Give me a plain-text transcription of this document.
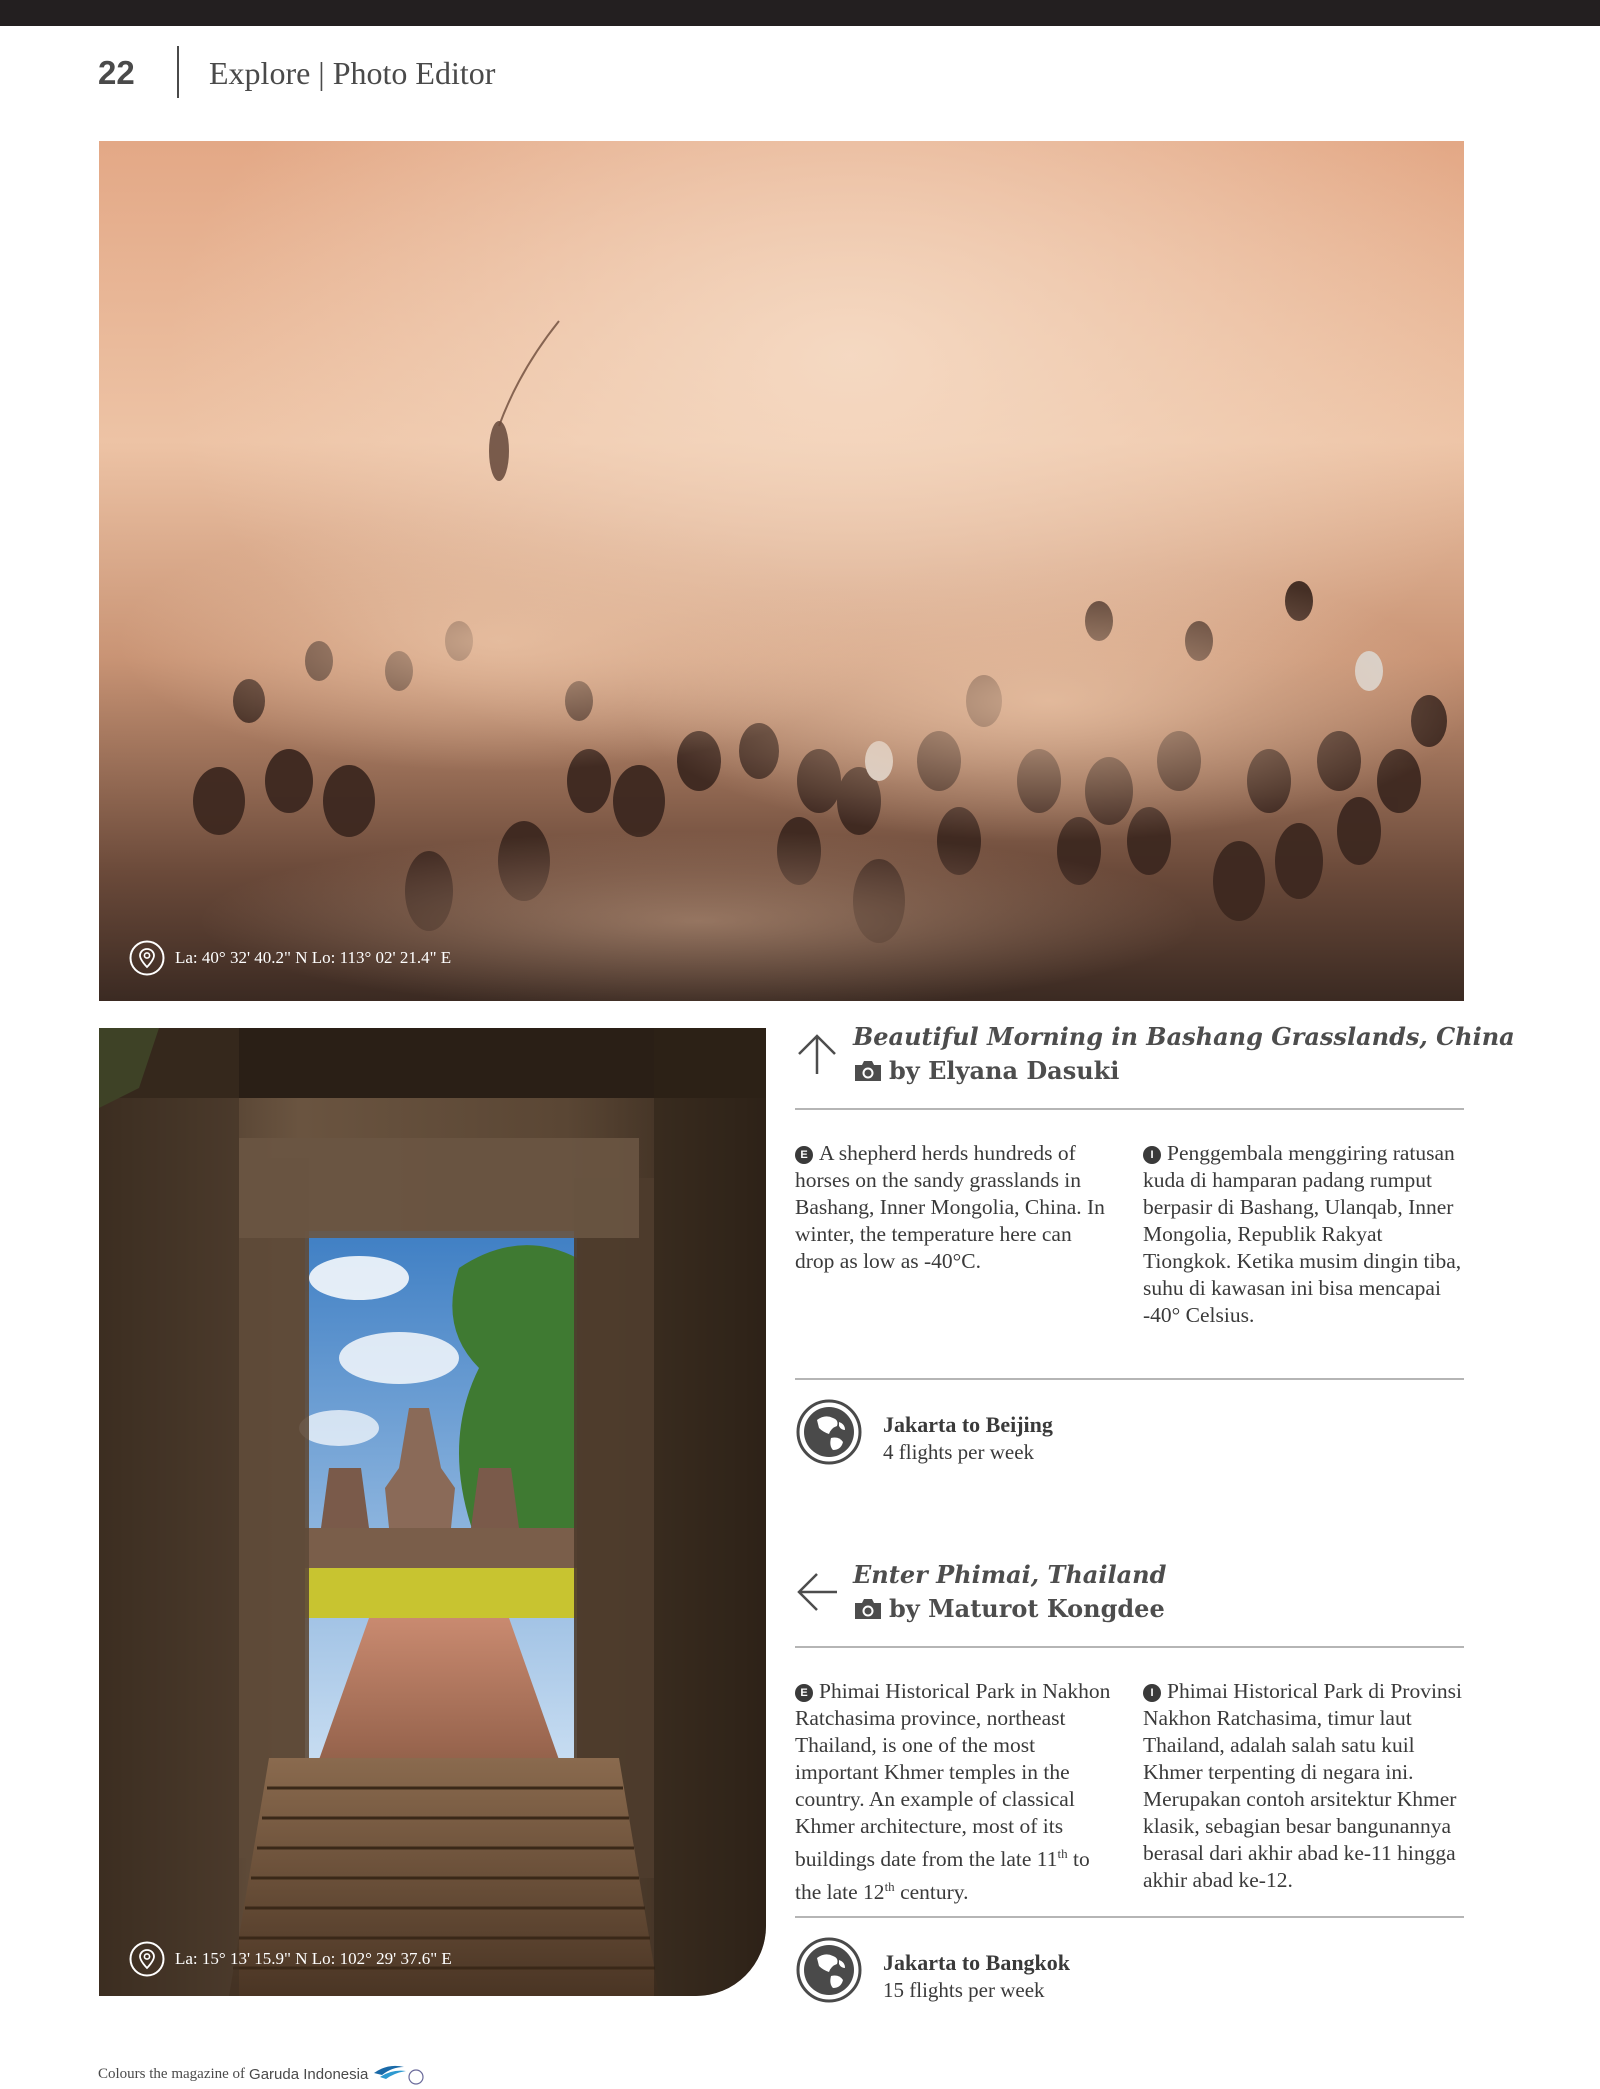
22 Explore | Photo Editor
La: 40° 32' 40.2" N Lo: 113° 02' 21.4" E
La: 15° 13' 15.9" N Lo: 102° 29' 37.6" E
Beautiful Morning in Bashang Grasslands, China
by Elyana Dasuki
E A shepherd herds hundreds of horses on the sandy grasslands in Bashang, Inner Mongolia, China. In winter, the temperature here can drop as low as -40°C.
I Penggembala menggiring ratusan kuda di hamparan padang rumput berpasir di Bashang, Ulanqab, Inner Mongolia, Republik Rakyat Tiongkok. Ketika musim dingin tiba, suhu di kawasan ini bisa mencapai -40° Celsius.
Jakarta to Beijing
4 flights per week
Enter Phimai, Thailand
by Maturot Kongdee
E Phimai Historical Park in Nakhon Ratchasima province, northeast Thailand, is one of the most important Khmer temples in the country. An example of classical Khmer architecture, most of its buildings date from the late 11th to the late 12th century.
I Phimai Historical Park di Provinsi Nakhon Ratchasima, timur laut Thailand, adalah salah satu kuil Khmer terpenting di negara ini. Merupakan contoh arsitektur Khmer klasik, sebagian besar bangunannya berasal dari akhir abad ke-11 hingga akhir abad ke-12.
Jakarta to Bangkok
15 flights per week
Colours the magazine of Garuda Indonesia
